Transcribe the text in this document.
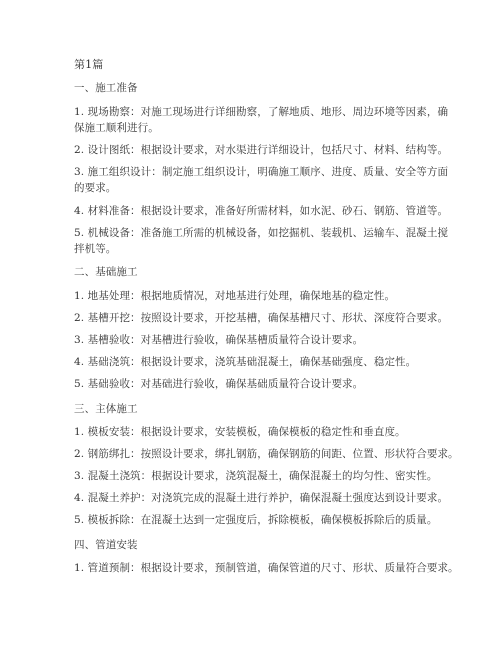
第1篇
一、施工准备
1. 现场勘察：对施工现场进行详细勘察，了解地质、地形、周边环境等因素，确
保施工顺利进行。
2. 设计图纸：根据设计要求，对水渠进行详细设计，包括尺寸、材料、结构等。
3. 施工组织设计：制定施工组织设计，明确施工顺序、进度、质量、安全等方面
的要求。
4. 材料准备：根据设计要求，准备好所需材料，如水泥、砂石、钢筋、管道等。
5. 机械设备：准备施工所需的机械设备，如挖掘机、装载机、运输车、混凝土搅
拌机等。
二、基础施工
1. 地基处理：根据地质情况，对地基进行处理，确保地基的稳定性。
2. 基槽开挖：按照设计要求，开挖基槽，确保基槽尺寸、形状、深度符合要求。
3. 基槽验收：对基槽进行验收，确保基槽质量符合设计要求。
4. 基础浇筑：根据设计要求，浇筑基础混凝土，确保基础强度、稳定性。
5. 基础验收：对基础进行验收，确保基础质量符合设计要求。
三、主体施工
1. 模板安装：根据设计要求，安装模板，确保模板的稳定性和垂直度。
2. 钢筋绑扎：按照设计要求，绑扎钢筋，确保钢筋的间距、位置、形状符合要求。
3. 混凝土浇筑：根据设计要求，浇筑混凝土，确保混凝土的均匀性、密实性。
4. 混凝土养护：对浇筑完成的混凝土进行养护，确保混凝土强度达到设计要求。
5. 模板拆除：在混凝土达到一定强度后，拆除模板，确保模板拆除后的质量。
四、管道安装
1. 管道预制：根据设计要求，预制管道，确保管道的尺寸、形状、质量符合要求。
